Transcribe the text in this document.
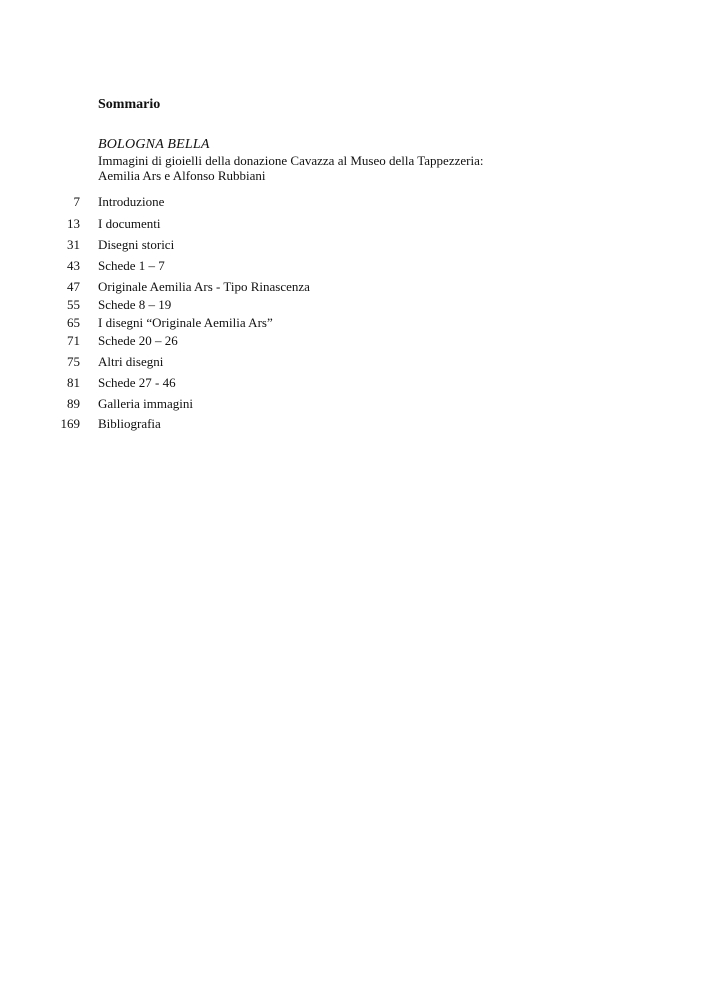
Sommario
BOLOGNA BELLA
Immagini di gioielli della donazione Cavazza al Museo della Tappezzeria:
Aemilia Ars e Alfonso Rubbiani
7 Introduzione
13 I documenti
31 Disegni storici
43 Schede 1 – 7
47 Originale Aemilia Ars - Tipo Rinascenza
55 Schede 8 – 19
65 I disegni “Originale Aemilia Ars”
71 Schede 20 – 26
75 Altri disegni
81 Schede 27 - 46
89 Galleria immagini
169 Bibliografia
